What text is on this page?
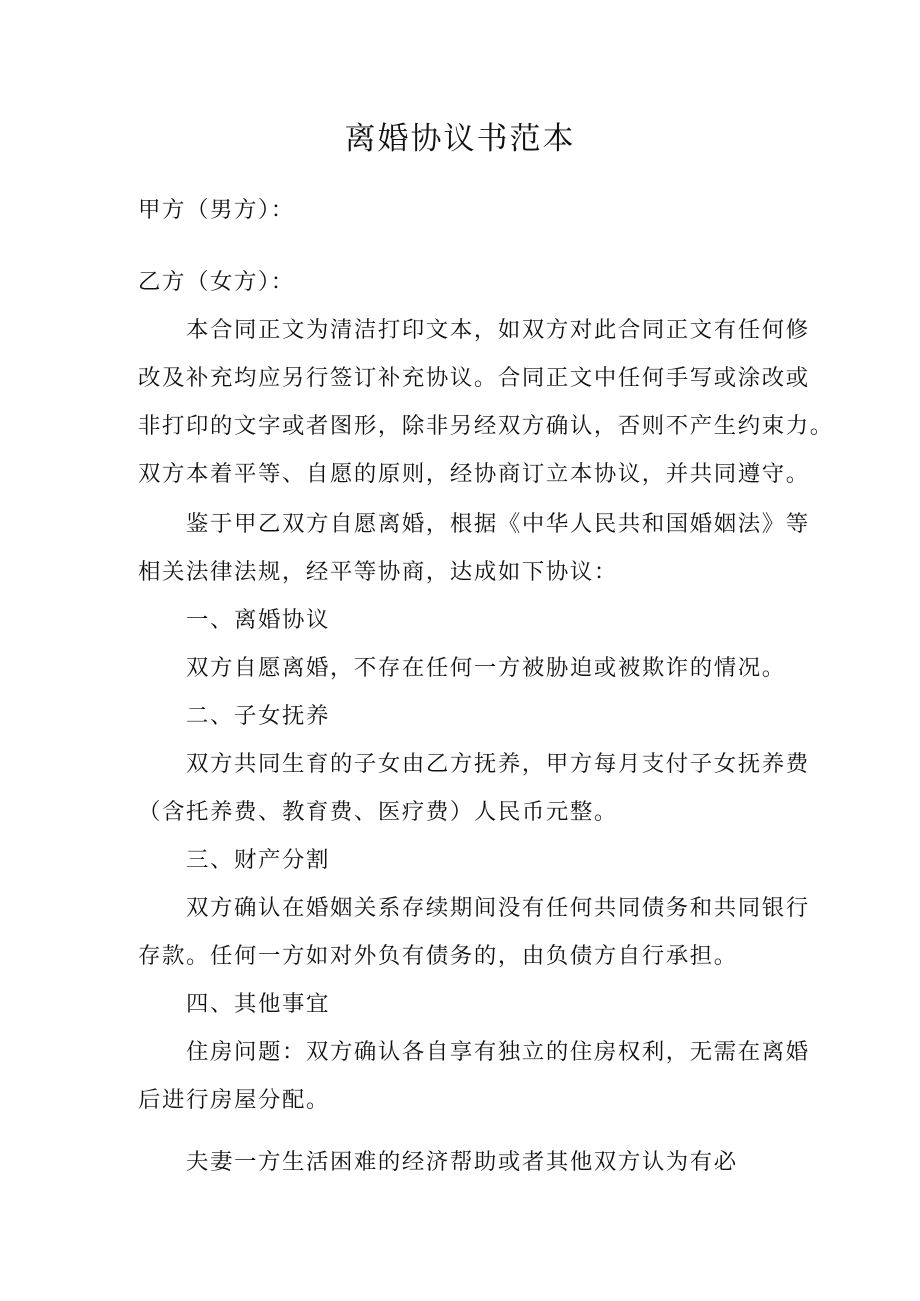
离婚协议书范本

甲方（男方）：

乙方（女方）：

本合同正文为清洁打印文本，如双方对此合同正文有任何修

改及补充均应另行签订补充协议。合同正文中任何手写或涂改或

非打印的文字或者图形，除非另经双方确认，否则不产生约束力。

双方本着平等、自愿的原则，经协商订立本协议，并共同遵守。

鉴于甲乙双方自愿离婚，根据《中华人民共和国婚姻法》等

相关法律法规，经平等协商，达成如下协议：

一、离婚协议

双方自愿离婚，不存在任何一方被胁迫或被欺诈的情况。

二、子女抚养

双方共同生育的子女由乙方抚养，甲方每月支付子女抚养费

（含托养费、教育费、医疗费）人民币元整。

三、财产分割

双方确认在婚姻关系存续期间没有任何共同债务和共同银行

存款。任何一方如对外负有债务的，由负债方自行承担。

四、其他事宜

住房问题：双方确认各自享有独立的住房权利，无需在离婚

后进行房屋分配。

夫妻一方生活困难的经济帮助或者其他双方认为有必
